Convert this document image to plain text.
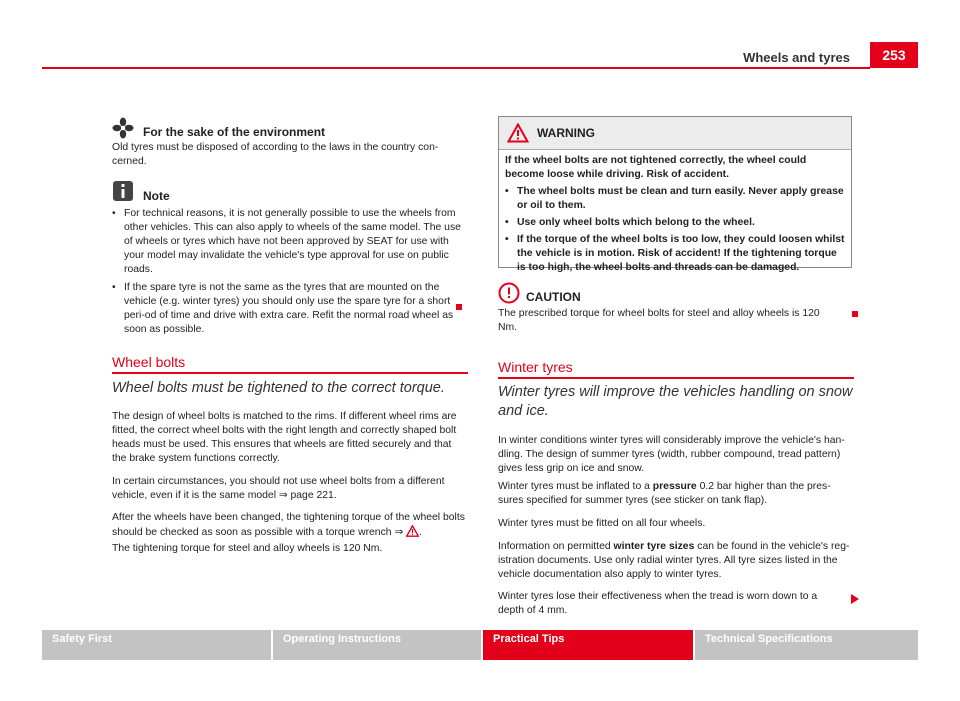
Wheels and tyres	253
For the sake of the environment
Old tyres must be disposed of according to the laws in the country con-cerned.
Note
• For technical reasons, it is not generally possible to use the wheels from other vehicles. This can also apply to wheels of the same model. The use of wheels or tyres which have not been approved by SEAT for use with your model may invalidate the vehicle's type approval for use on public roads.
• If the spare tyre is not the same as the tyres that are mounted on the vehicle (e.g. winter tyres) you should only use the spare tyre for a short peri-od of time and drive with extra care. Refit the normal road wheel as soon as possible.
Wheel bolts
Wheel bolts must be tightened to the correct torque.
The design of wheel bolts is matched to the rims. If different wheel rims are fitted, the correct wheel bolts with the right length and correctly shaped bolt heads must be used. This ensures that wheels are fitted securely and that the brake system functions correctly.
In certain circumstances, you should not use wheel bolts from a different vehicle, even if it is the same model ⇒ page 221.
After the wheels have been changed, the tightening torque of the wheel bolts should be checked as soon as possible with a torque wrench ⇒ .
The tightening torque for steel and alloy wheels is 120 Nm.
WARNING
If the wheel bolts are not tightened correctly, the wheel could become loose while driving. Risk of accident.
• The wheel bolts must be clean and turn easily. Never apply grease or oil to them.
• Use only wheel bolts which belong to the wheel.
• If the torque of the wheel bolts is too low, they could loosen whilst the vehicle is in motion. Risk of accident! If the tightening torque is too high, the wheel bolts and threads can be damaged.
CAUTION
The prescribed torque for wheel bolts for steel and alloy wheels is 120 Nm.
Winter tyres
Winter tyres will improve the vehicles handling on snow and ice.
In winter conditions winter tyres will considerably improve the vehicle's han-dling. The design of summer tyres (width, rubber compound, tread pattern) gives less grip on ice and snow.
Winter tyres must be inflated to a pressure 0.2 bar higher than the pres-sures specified for summer tyres (see sticker on tank flap).
Winter tyres must be fitted on all four wheels.
Information on permitted winter tyre sizes can be found in the vehicle's reg-istration documents. Use only radial winter tyres. All tyre sizes listed in the vehicle documentation also apply to winter tyres.
Winter tyres lose their effectiveness when the tread is worn down to a depth of 4 mm.
Safety First	Operating Instructions	Practical Tips	Technical Specifications
